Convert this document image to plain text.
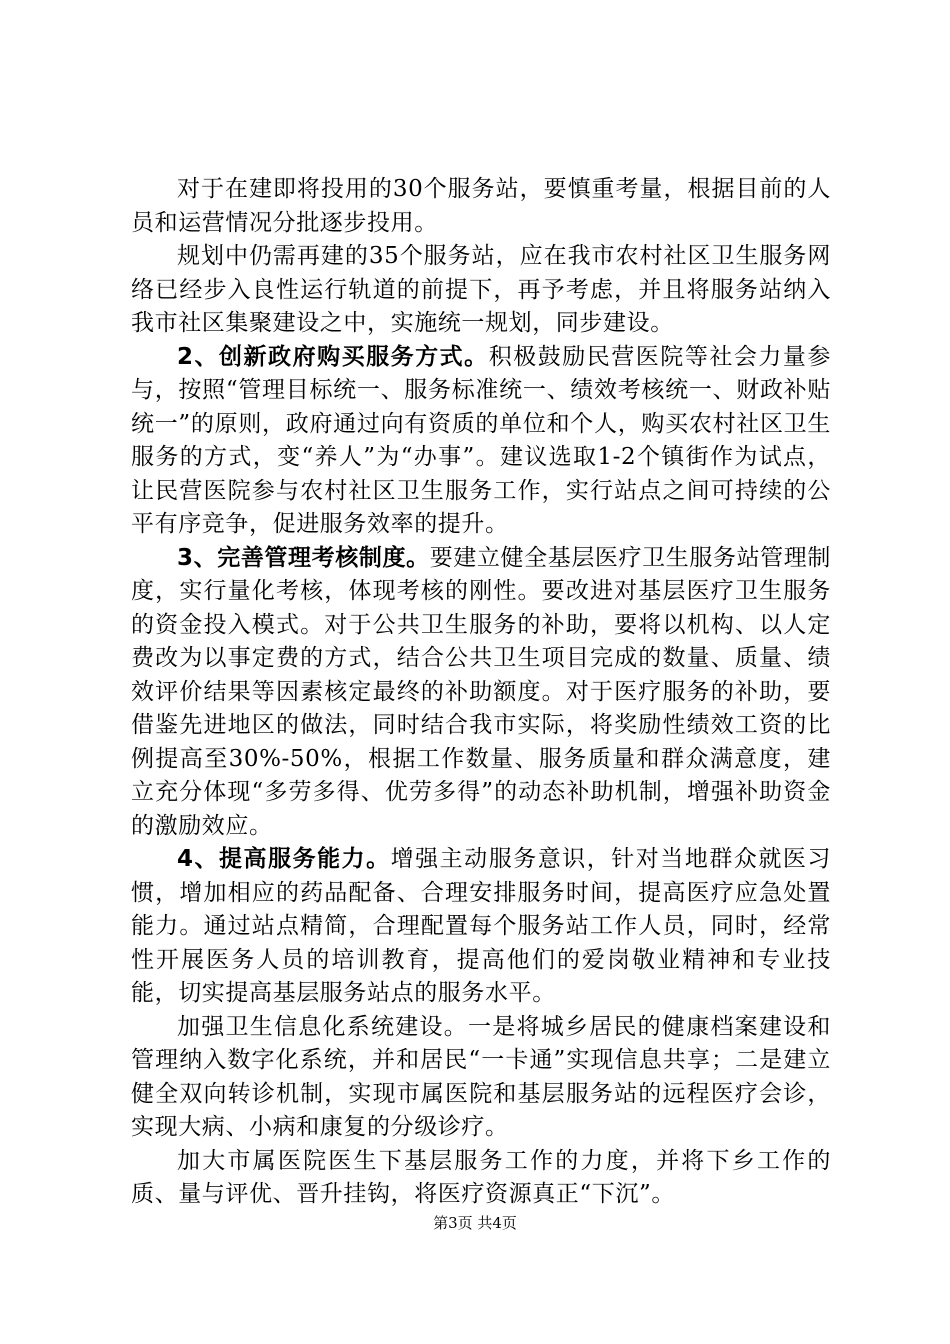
对于在建即将投用的30个服务站，要慎重考量，根据目前的人员和运营情况分批逐步投用。

规划中仍需再建的35个服务站，应在我市农村社区卫生服务网络已经步入良性运行轨道的前提下，再予考虑，并且将服务站纳入我市社区集聚建设之中，实施统一规划，同步建设。

2、创新政府购买服务方式。积极鼓励民营医院等社会力量参与，按照“管理目标统一、服务标准统一、绩效考核统一、财政补贴统一”的原则，政府通过向有资质的单位和个人，购买农村社区卫生服务的方式，变“养人”为“办事”。建议选取1-2个镇街作为试点，让民营医院参与农村社区卫生服务工作，实行站点之间可持续的公平有序竞争，促进服务效率的提升。

3、完善管理考核制度。要建立健全基层医疗卫生服务站管理制度，实行量化考核，体现考核的刚性。要改进对基层医疗卫生服务的资金投入模式。对于公共卫生服务的补助，要将以机构、以人定费改为以事定费的方式，结合公共卫生项目完成的数量、质量、绩效评价结果等因素核定最终的补助额度。对于医疗服务的补助，要借鉴先进地区的做法，同时结合我市实际，将奖励性绩效工资的比例提高至30%-50%，根据工作数量、服务质量和群众满意度，建立充分体现“多劳多得、优劳多得”的动态补助机制，增强补助资金的激励效应。

4、提高服务能力。增强主动服务意识，针对当地群众就医习惯，增加相应的药品配备、合理安排服务时间，提高医疗应急处置能力。通过站点精简，合理配置每个服务站工作人员，同时，经常性开展医务人员的培训教育，提高他们的爱岗敬业精神和专业技能，切实提高基层服务站点的服务水平。

加强卫生信息化系统建设。一是将城乡居民的健康档案建设和管理纳入数字化系统，并和居民“一卡通”实现信息共享；二是建立健全双向转诊机制，实现市属医院和基层服务站的远程医疗会诊，实现大病、小病和康复的分级诊疗。

加大市属医院医生下基层服务工作的力度，并将下乡工作的质、量与评优、晋升挂钩，将医疗资源真正“下沉”。

第3页 共4页
